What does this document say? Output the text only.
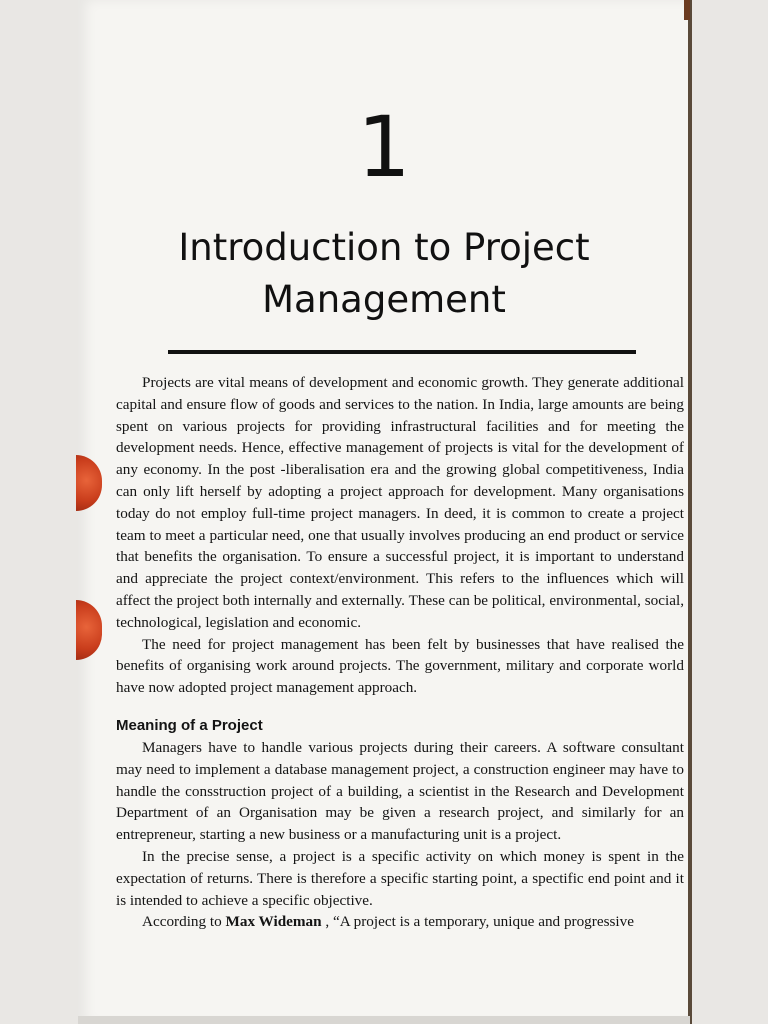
1
Introduction to Project
Management

Projects are vital means of development and economic growth. They generate additional capital and ensure flow of goods and services to the nation. In India, large amounts are being spent on various projects for providing infrastructural facilities and for meeting the development needs. Hence, effective management of projects is vital for the development of any economy. In the post -liberalisation era and the growing global competitiveness, India can only lift herself by adopting a project approach for development. Many organisations today do not employ full-time project managers. In deed, it is common to create a project team to meet a particular need, one that usually involves producing an end product or service that benefits the organisation. To ensure a successful project, it is important to understand and appreciate the project context/environment. This refers to the influences which will affect the project both internally and externally. These can be political, environmental, social, technological, legislation and economic.

The need for project management has been felt by businesses that have realised the benefits of organising work around projects. The government, military and corporate world have now adopted project management approach.

Meaning of a Project

Managers have to handle various projects during their careers. A software consultant may need to implement a database management project, a construction engineer may have to handle the consstruction project of a building, a scientist in the Research and Development Department of an Organisation may be given a research project, and similarly for an entrepreneur, starting a new business or a manufacturing unit is a project.

In the precise sense, a project is a specific activity on which money is spent in the expectation of returns. There is therefore a specific starting point, a spectific end point and it is intended to achieve a specific objective.

According to Max Wideman , “A project is a temporary, unique and progressive
